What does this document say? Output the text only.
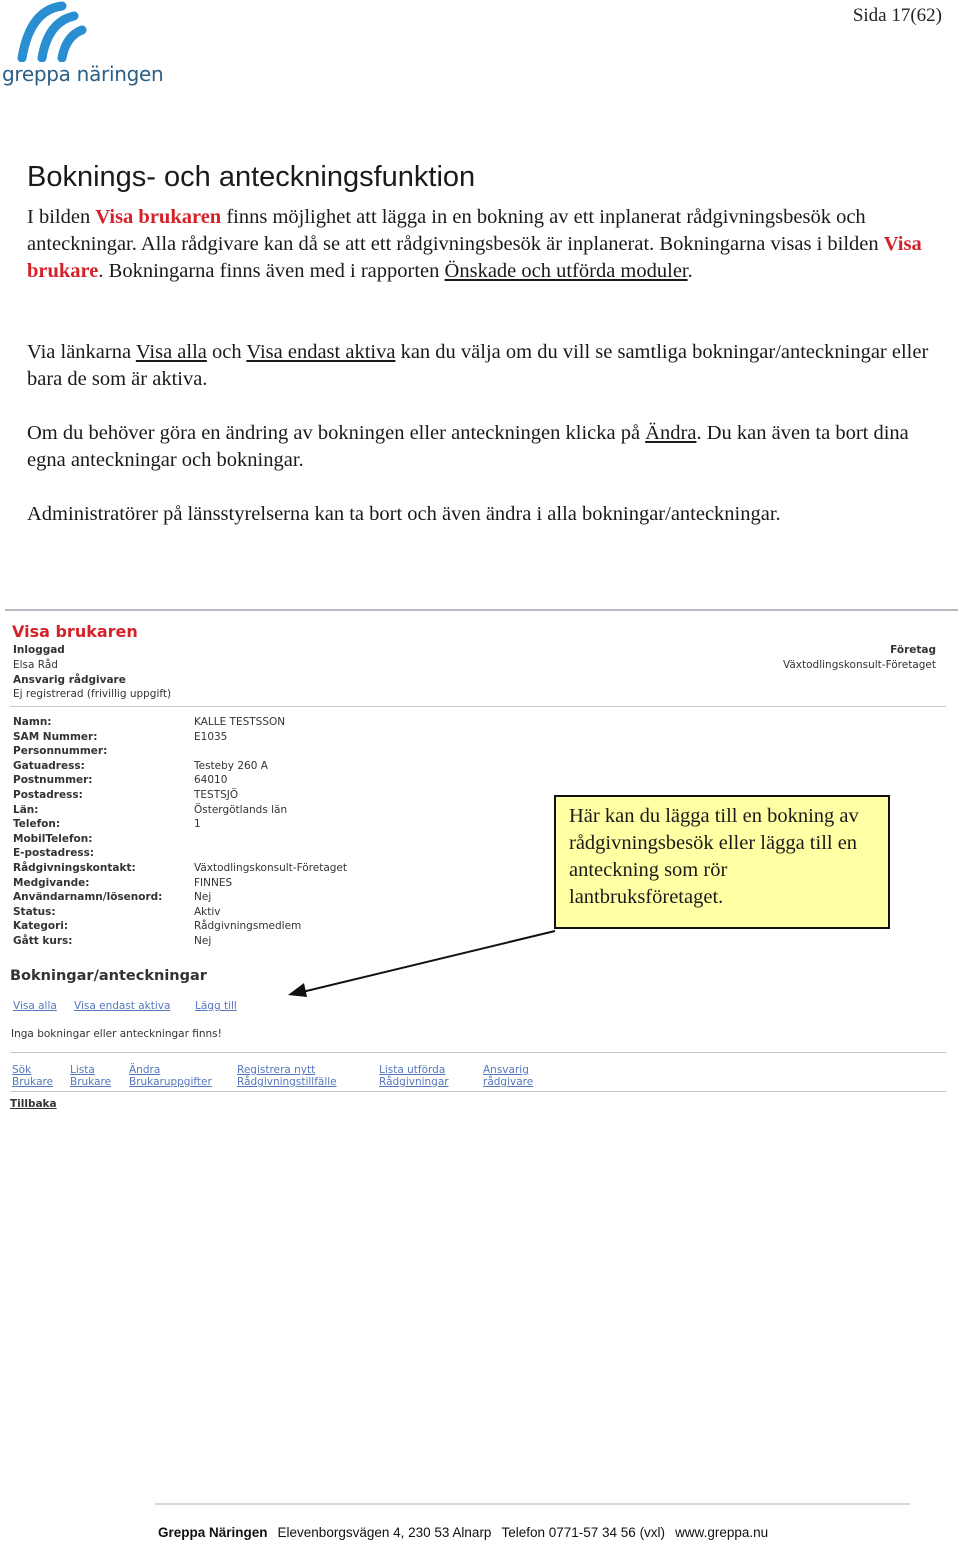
greppa näringen
Sida 17(62)
Boknings- och anteckningsfunktion

I bilden Visa brukaren finns möjlighet att lägga in en bokning av ett inplanerat rådgivningsbesök och anteckningar. Alla rådgivare kan då se att ett rådgivningsbesök är inplanerat. Bokningarna visas i bilden Visa brukare. Bokningarna finns även med i rapporten Önskade och utförda moduler.

Via länkarna Visa alla och Visa endast aktiva kan du välja om du vill se samtliga bokningar/anteckningar eller bara de som är aktiva.

Om du behöver göra en ändring av bokningen eller anteckningen klicka på Ändra. Du kan även ta bort dina egna anteckningar och bokningar.

Administratörer på länsstyrelserna kan ta bort och även ändra i alla bokningar/anteckningar.

Visa brukaren
Inloggad
Elsa Råd
Ansvarig rådgivare
Ej registrerad (frivillig uppgift)
Företag
Växtodlingskonsult-Företaget
Namn:
SAM Nummer:
Personnummer:
Gatuadress:
Postnummer:
Postadress:
Län:
Telefon:
MobilTelefon:
E-postadress:
Rådgivningskontakt:
Medgivande:
Användarnamn/lösenord:
Status:
Kategori:
Gått kurs:
KALLE TESTSSON
E1035
Testeby 260 A
64010
TESTSJÖ
Östergötlands län
1
Växtodlingskonsult-Företaget
FINNES
Nej
Aktiv
Rådgivningsmedlem
Nej
Bokningar/anteckningar
Visa alla Visa endast aktiva Lägg till
Inga bokningar eller anteckningar finns!
Sök
Brukare
Lista
Brukare
Ändra
Brukaruppgifter
Registrera nytt
Rådgivningstillfälle
Lista utförda
Rådgivningar
Ansvarig
rådgivare
Tillbaka
Här kan du lägga till en bokning av rådgivningsbesök eller lägga till en anteckning som rör lantbruksföretaget.
Greppa Näringen Elevenborgsvägen 4, 230 53 Alnarp Telefon 0771-57 34 56 (vxl) www.greppa.nu
